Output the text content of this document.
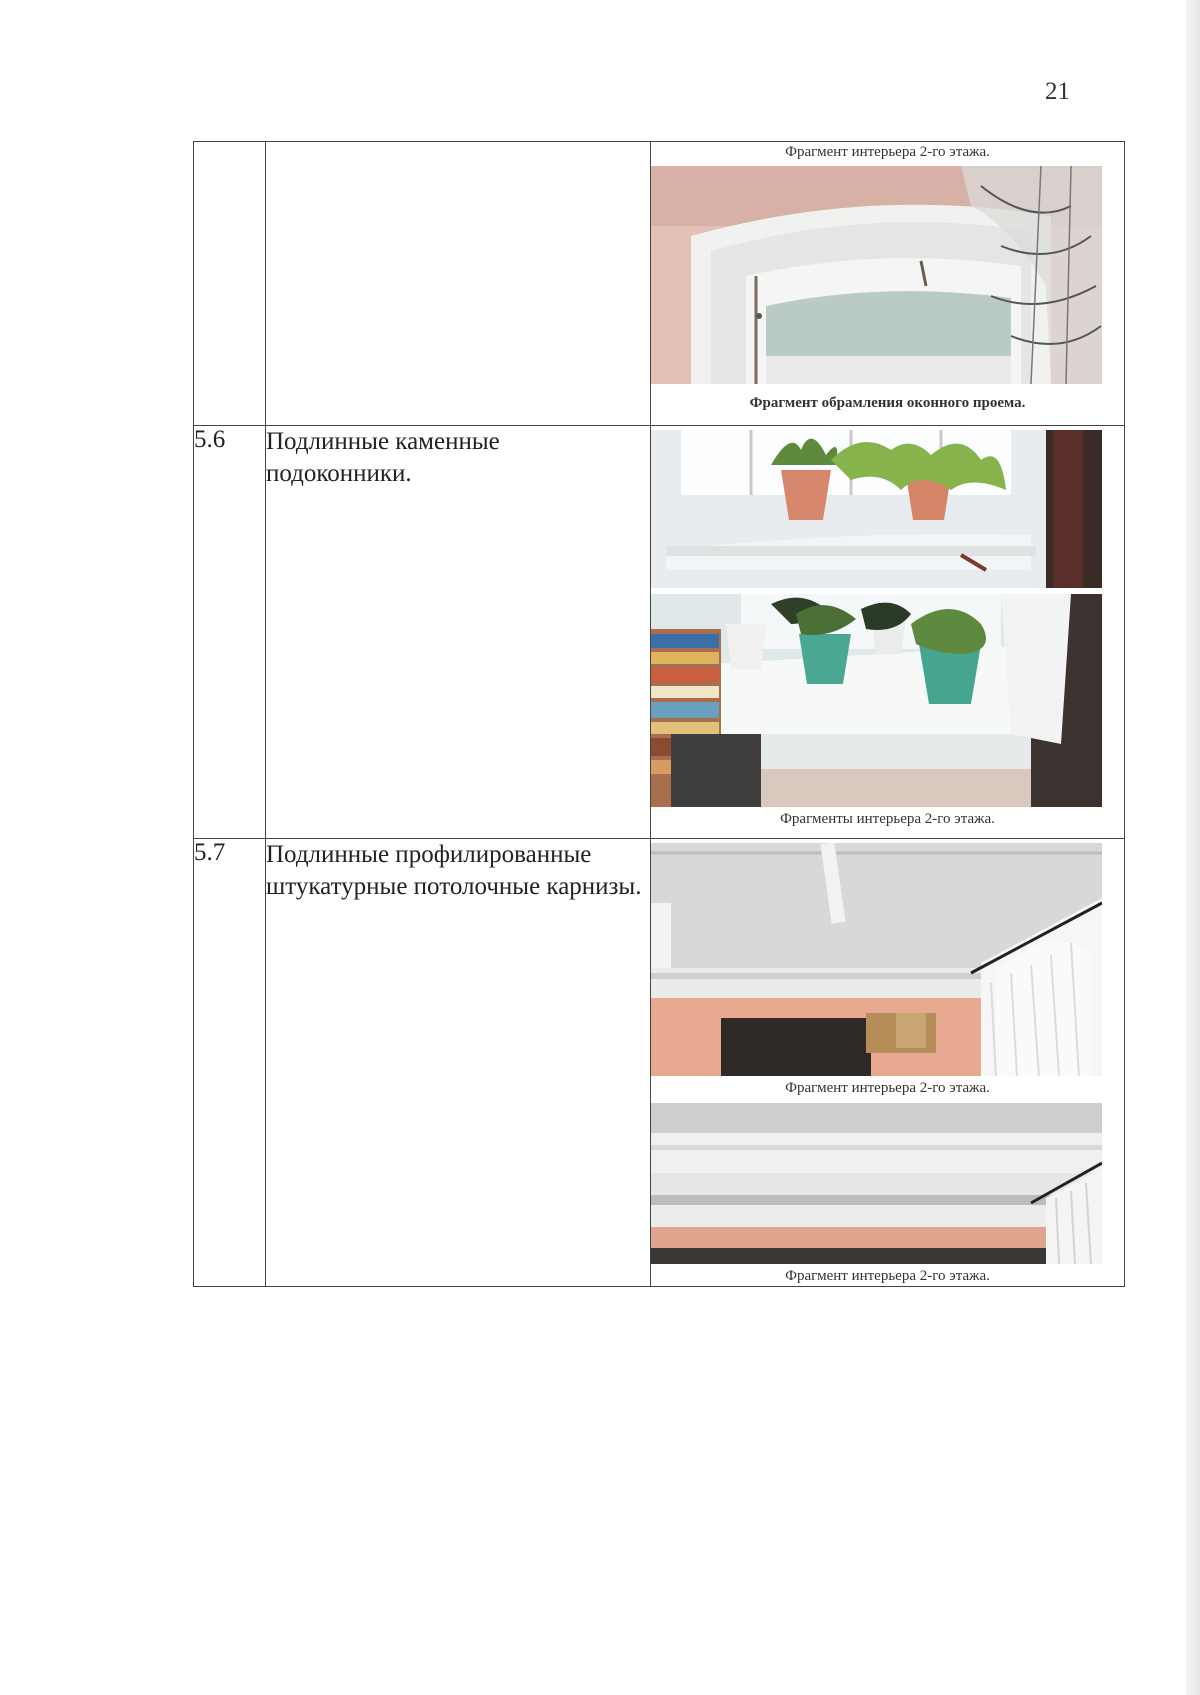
21

		Фрагмент интерьера 2-го этажа.
Фрагмент обрамления оконного проема.

5.6	Подлинные каменные подоконники.	Фрагменты интерьера 2-го этажа.

5.7	Подлинные профилированные штукатурные потолочные карнизы.	Фрагмент интерьера 2-го этажа.
Фрагмент интерьера 2-го этажа.
